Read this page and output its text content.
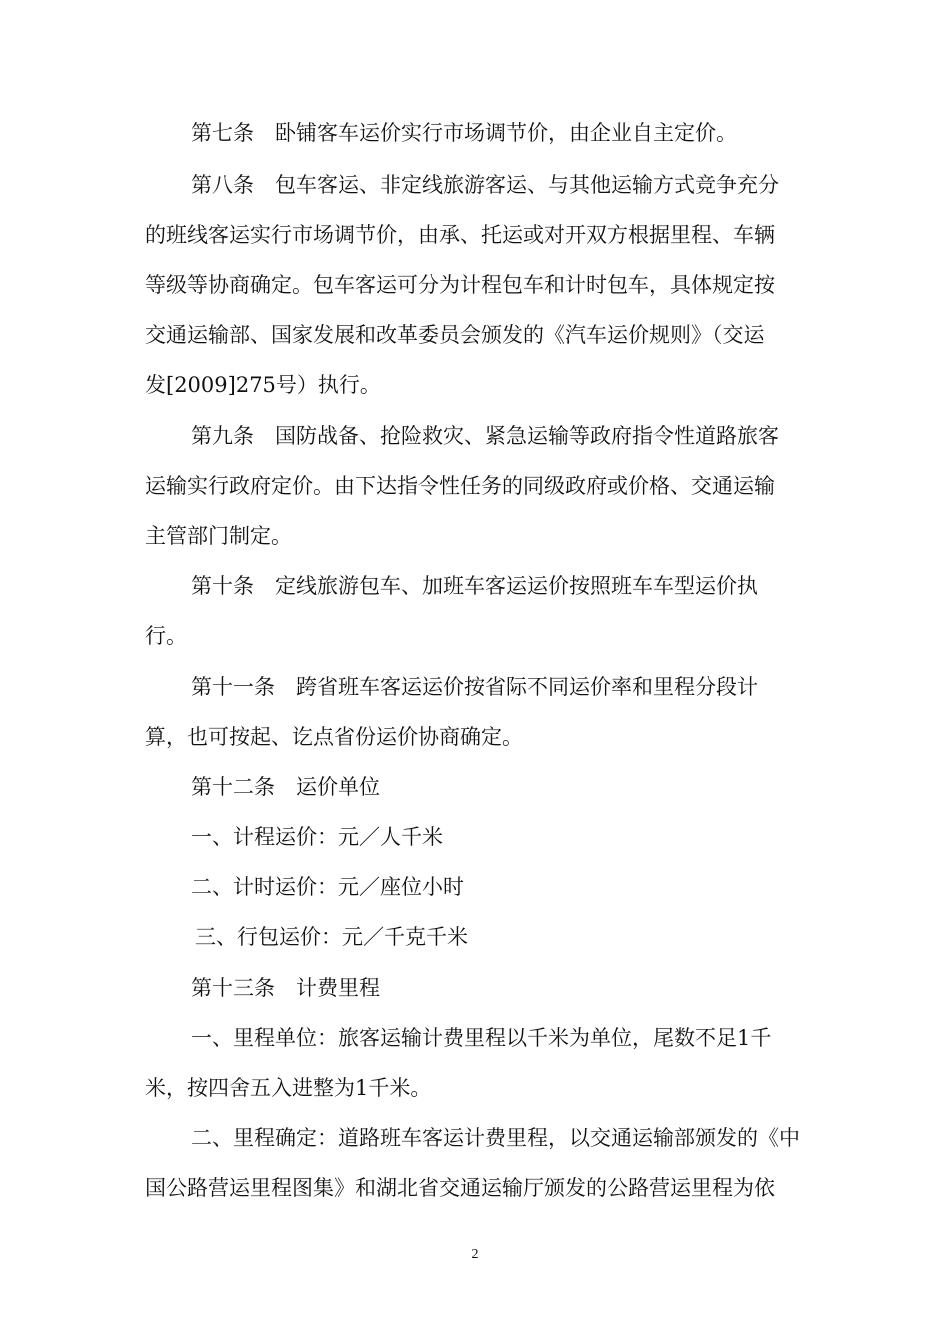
第七条　卧铺客车运价实行市场调节价，由企业自主定价。
第八条　包车客运、非定线旅游客运、与其他运输方式竞争充分
的班线客运实行市场调节价，由承、托运或对开双方根据里程、车辆
等级等协商确定。包车客运可分为计程包车和计时包车，具体规定按
交通运输部、国家发展和改革委员会颁发的《汽车运价规则》（交运
发[2009]275号）执行。
第九条　国防战备、抢险救灾、紧急运输等政府指令性道路旅客
运输实行政府定价。由下达指令性任务的同级政府或价格、交通运输
主管部门制定。
第十条　定线旅游包车、加班车客运运价按照班车车型运价执
行。
第十一条　跨省班车客运运价按省际不同运价率和里程分段计
算，也可按起、讫点省份运价协商确定。
第十二条　运价单位
一、计程运价：元／人千米
二、计时运价：元／座位小时
三、行包运价：元／千克千米
第十三条　计费里程
一、里程单位：旅客运输计费里程以千米为单位，尾数不足1千
米，按四舍五入进整为1千米。
二、里程确定：道路班车客运计费里程，以交通运输部颁发的《中
国公路营运里程图集》和湖北省交通运输厅颁发的公路营运里程为依
2
